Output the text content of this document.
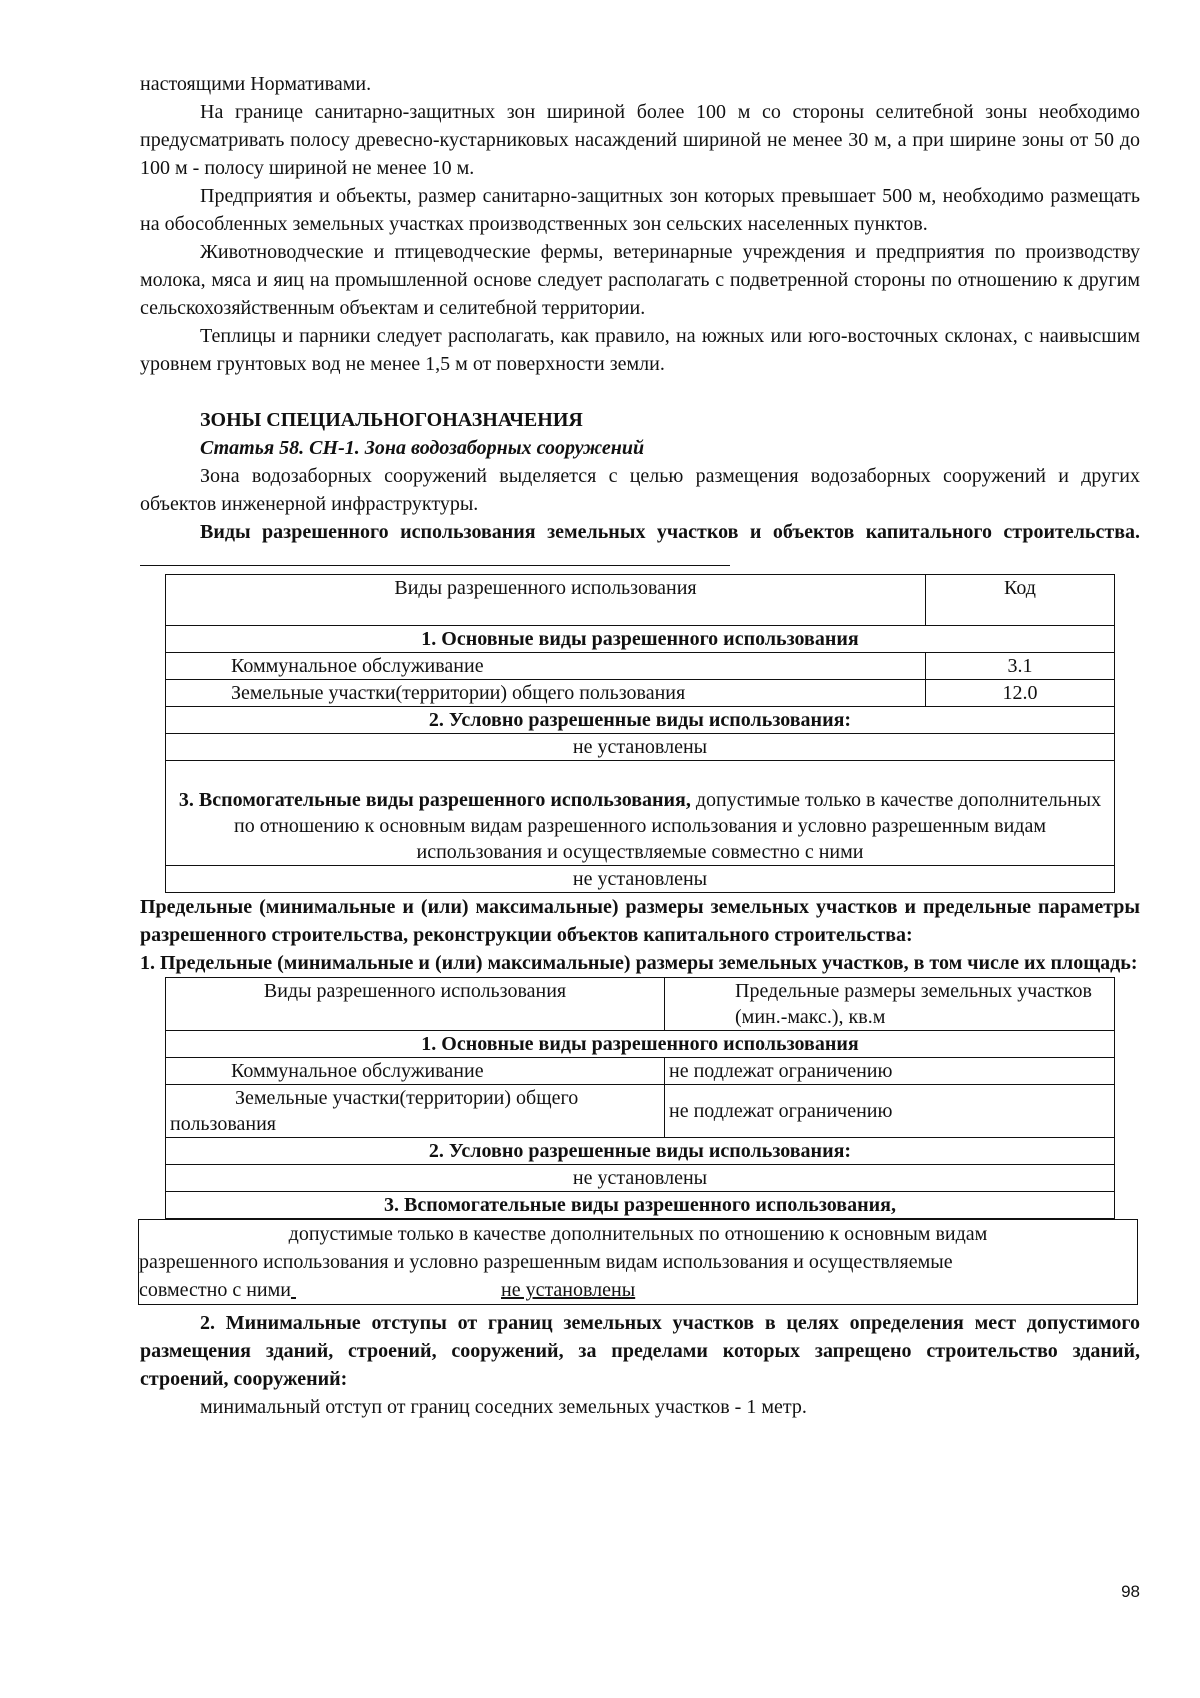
настоящими Нормативами.

На границе санитарно-защитных зон шириной более 100 м со стороны селитебной зоны необходимо предусматривать полосу древесно-кустарниковых насаждений шириной не менее 30 м, а при ширине зоны от 50 до 100 м - полосу шириной не менее 10 м.

Предприятия и объекты, размер санитарно-защитных зон которых превышает 500 м, необходимо размещать на обособленных земельных участках производственных зон сельских населенных пунктов.

Животноводческие и птицеводческие фермы, ветеринарные учреждения и предприятия по производству молока, мяса и яиц на промышленной основе следует располагать с подветренной стороны по отношению к другим сельскохозяйственным объектам и селитебной территории.

Теплицы и парники следует располагать, как правило, на южных или юго-восточных склонах, с наивысшим уровнем грунтовых вод не менее 1,5 м от поверхности земли.

ЗОНЫ СПЕЦИАЛЬНОГОНАЗНАЧЕНИЯ
Статья 58. СН-1. Зона водозаборных сооружений

Зона водозаборных сооружений выделяется с целью размещения водозаборных сооружений и других объектов инженерной инфраструктуры.

Виды разрешенного использования земельных участков и объектов капитального строительства.

Виды разрешенного использования	Код
1. Основные виды разрешенного использования	
Коммунальное обслуживание	3.1
Земельные участки(территории) общего пользования	12.0
2. Условно разрешенные виды использования:	
не установлены	
3. Вспомогательные виды разрешенного использования, допустимые только в качестве дополнительных по отношению к основным видам разрешенного использования и условно разрешенным видам использования и осуществляемые совместно с ними	
не установлены	

Предельные (минимальные и (или) максимальные) размеры земельных участков и предельные параметры разрешенного строительства, реконструкции объектов капитального строительства:

1. Предельные (минимальные и (или) максимальные) размеры земельных участков, в том числе их площадь:

Виды разрешенного использования	Предельные размеры земельных участков (мин.-макс.), кв.м
1. Основные виды разрешенного использования	
Коммунальное обслуживание	не подлежат ограничению

Земельные участки(территории) общего
пользования	не подлежат ограничению
2. Условно разрешенные виды использования:	
не установлены	
3. Вспомогательные виды разрешенного использования,	
допустимые только в качестве дополнительных по отношению к основным видам
разрешенного использования и условно разрешенным видам использования и осуществляемые
совместно с ними	не установлены

2. Минимальные отступы от границ земельных участков в целях определения мест допустимого размещения зданий, строений, сооружений, за пределами которых запрещено строительство зданий, строений, сооружений:

минимальный отступ от границ соседних земельных участков - 1 метр.

98
